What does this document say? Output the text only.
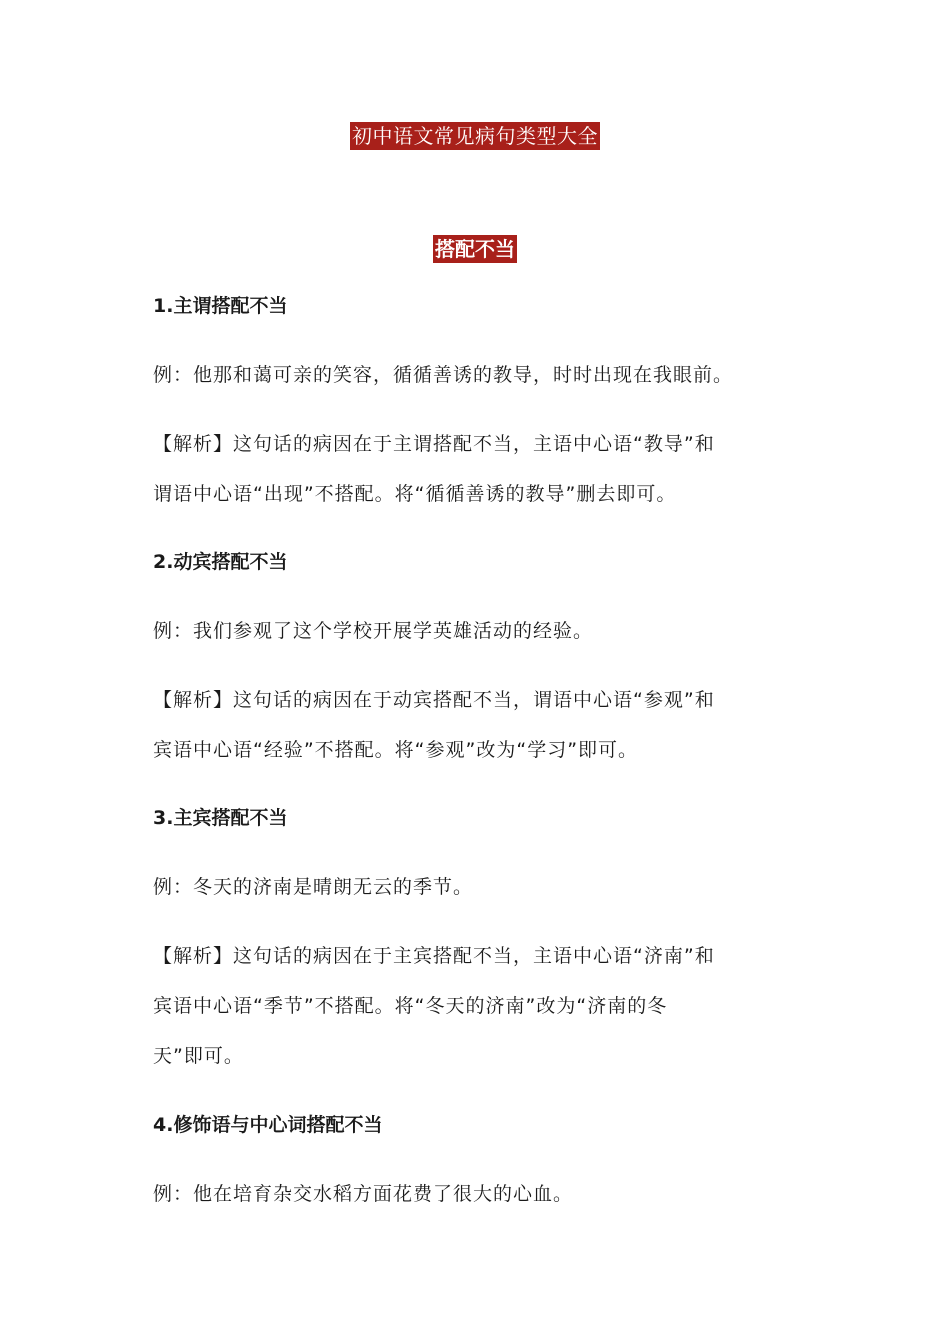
初中语文常见病句类型大全
搭配不当
1.主谓搭配不当
例：他那和蔼可亲的笑容，循循善诱的教导，时时出现在我眼前。
【解析】这句话的病因在于主谓搭配不当，主语中心语“教导”和
谓语中心语“出现”不搭配。将“循循善诱的教导”删去即可。
2.动宾搭配不当
例：我们参观了这个学校开展学英雄活动的经验。
【解析】这句话的病因在于动宾搭配不当，谓语中心语“参观”和
宾语中心语“经验”不搭配。将“参观”改为“学习”即可。
3.主宾搭配不当
例：冬天的济南是晴朗无云的季节。
【解析】这句话的病因在于主宾搭配不当，主语中心语“济南”和
宾语中心语“季节”不搭配。将“冬天的济南”改为“济南的冬
天”即可。
4.修饰语与中心词搭配不当
例：他在培育杂交水稻方面花费了很大的心血。
